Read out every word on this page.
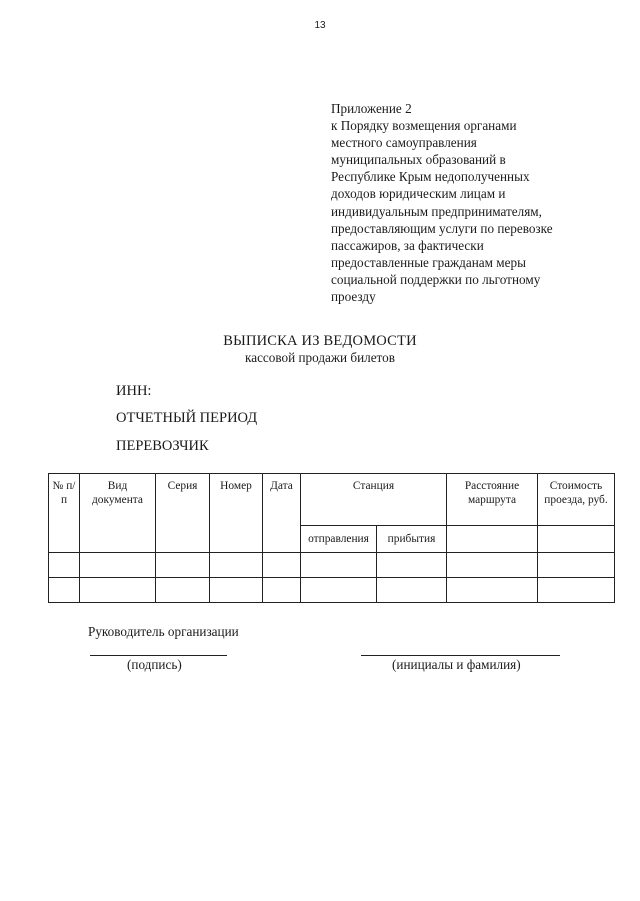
13
Приложение 2
к Порядку возмещения органами
местного самоуправления
муниципальных образований в
Республике Крым недополученных
доходов юридическим лицам и
индивидуальным предпринимателям,
предоставляющим услуги по перевозке
пассажиров, за фактически
предоставленные гражданам меры
социальной поддержки по льготному
проезду
ВЫПИСКА ИЗ ВЕДОМОСТИ
кассовой продажи билетов
ИНН:
ОТЧЕТНЫЙ ПЕРИОД
ПЕРЕВОЗЧИК
№ п/п	Вид документа	Серия	Номер	Дата	Станция		Расстояние маршрута	Стоимость проезда, руб.
					отправления	прибытия		

Руководитель организации
(подпись)	(инициалы и фамилия)
